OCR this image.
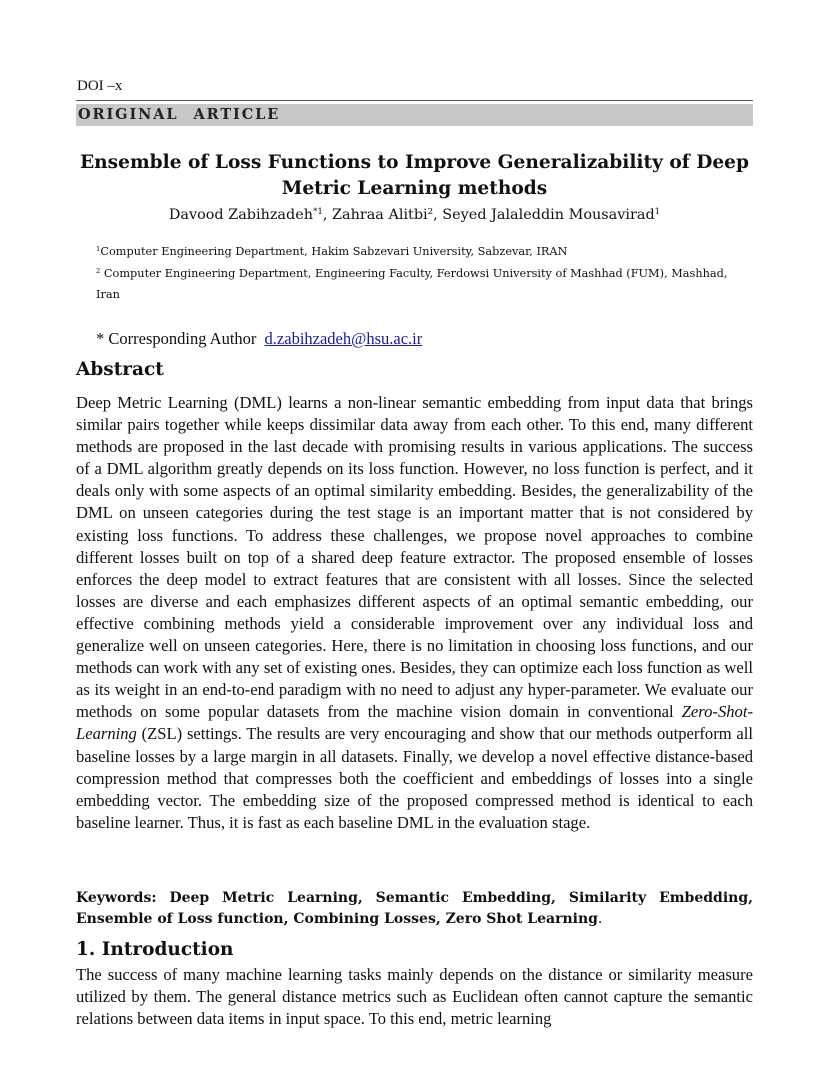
DOI –x
ORIGINAL ARTICLE
Ensemble of Loss Functions to Improve Generalizability of Deep Metric Learning methods
Davood Zabihzadeh$^{*1}$, Zahraa Alitbi$^2$, Seyed Jalaleddin Mousavirad$^1$
$^1$Computer Engineering Department, Hakim Sabzevari University, Sabzevar, IRAN
$^2$ Computer Engineering Department, Engineering Faculty, Ferdowsi University of Mashhad (FUM), Mashhad, Iran
* Corresponding Author d.zabihzadeh@hsu.ac.ir
Abstract

Deep Metric Learning (DML) learns a non-linear semantic embedding from input data that brings similar pairs together while keeps dissimilar data away from each other. To this end, many different methods are proposed in the last decade with promising results in various applications. The success of a DML algorithm greatly depends on its loss function. However, no loss function is perfect, and it deals only with some aspects of an optimal similarity embedding. Besides, the generalizability of the DML on unseen categories during the test stage is an important matter that is not considered by existing loss functions. To address these challenges, we propose novel approaches to combine different losses built on top of a shared deep feature extractor. The proposed ensemble of losses enforces the deep model to extract features that are consistent with all losses. Since the selected losses are diverse and each emphasizes different aspects of an optimal semantic embedding, our effective combining methods yield a considerable improvement over any individual loss and generalize well on unseen categories. Here, there is no limitation in choosing loss functions, and our methods can work with any set of existing ones. Besides, they can optimize each loss function as well as its weight in an end-to-end paradigm with no need to adjust any hyper-parameter. We evaluate our methods on some popular datasets from the machine vision domain in conventional Zero-Shot-Learning (ZSL) settings. The results are very encouraging and show that our methods outperform all baseline losses by a large margin in all datasets. Finally, we develop a novel effective distance-based compression method that compresses both the coefficient and embeddings of losses into a single embedding vector. The embedding size of the proposed compressed method is identical to each baseline learner. Thus, it is fast as each baseline DML in the evaluation stage.

Keywords: Deep Metric Learning, Semantic Embedding, Similarity Embedding, Ensemble of Loss function, Combining Losses, Zero Shot Learning.

1. Introduction

The success of many machine learning tasks mainly depends on the distance or similarity measure utilized by them. The general distance metrics such as Euclidean often cannot capture the semantic relations between data items in input space. To this end, metric learning
